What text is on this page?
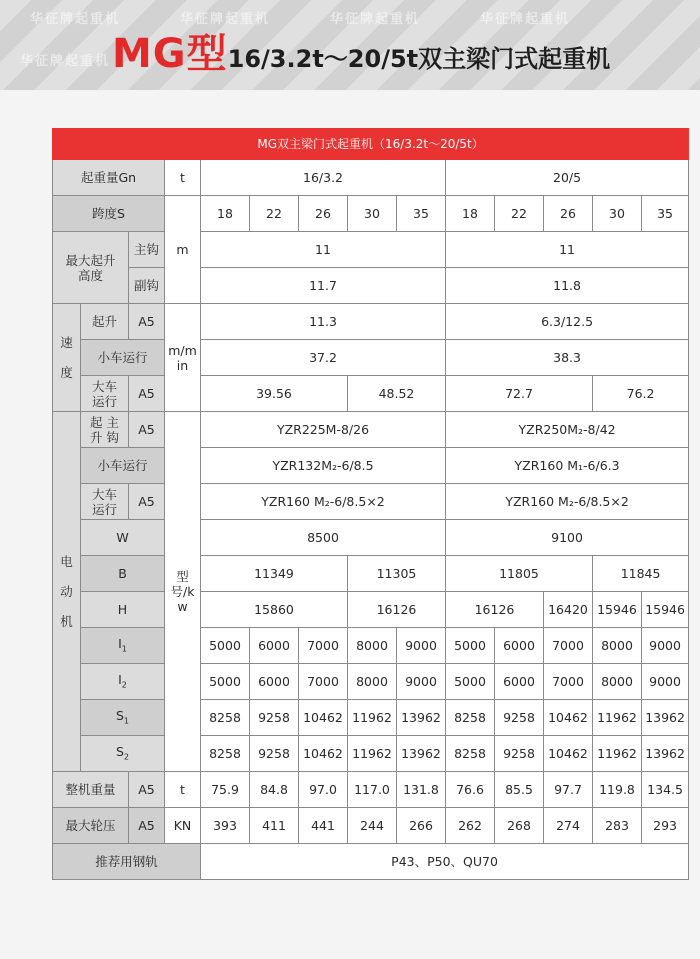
华征牌起重机	华征牌起重机	华征牌起重机	华征牌起重机
华征牌起重机 MG型16/3.2t～20/5t双主梁门式起重机
MG双主梁门式起重机（16/3.2t～20/5t）													
起重量Gn			t	16/3.2					20/5				
跨度S			m	18	22	26	30	35	18	22	26	30	35
最大起升高度		主钩		11					11				
		副钩		11.7					11.8				
速

度	起升	A5	m/min	11.3					6.3/12.5				
	小车运行			37.2					38.3				
	大车运行	A5		39.56			48.52		72.7			76.2	
电

动

机	起升 主钩	A5	型号/kw	YZR225M-8/26					YZR250M₂-8/42				
	小车运行			YZR132M₂-6/8.5					YZR160 M₁-6/6.3				
	大车运行	A5		YZR160 M₂-6/8.5×2					YZR160 M₂-6/8.5×2				
	W			8500					9100				
	B			11349			11305		11805			11845	
	H			15860			16126		16126		16420	15946	15946
	$I_1$			5000	6000	7000	8000	9000	5000	6000	7000	8000	9000
	$I_2$			5000	6000	7000	8000	9000	5000	6000	7000	8000	9000
	$S_1$			8258	9258	10462	11962	13962	8258	9258	10462	11962	13962
	$S_2$			8258	9258	10462	11962	13962	8258	9258	10462	11962	13962
整机重量		A5	t	75.9	84.8	97.0	117.0	131.8	76.6	85.5	97.7	119.8	134.5
最大轮压		A5	KN	393	411	441	244	266	262	268	274	283	293
推荐用钢轨				P43、P50、QU70									
